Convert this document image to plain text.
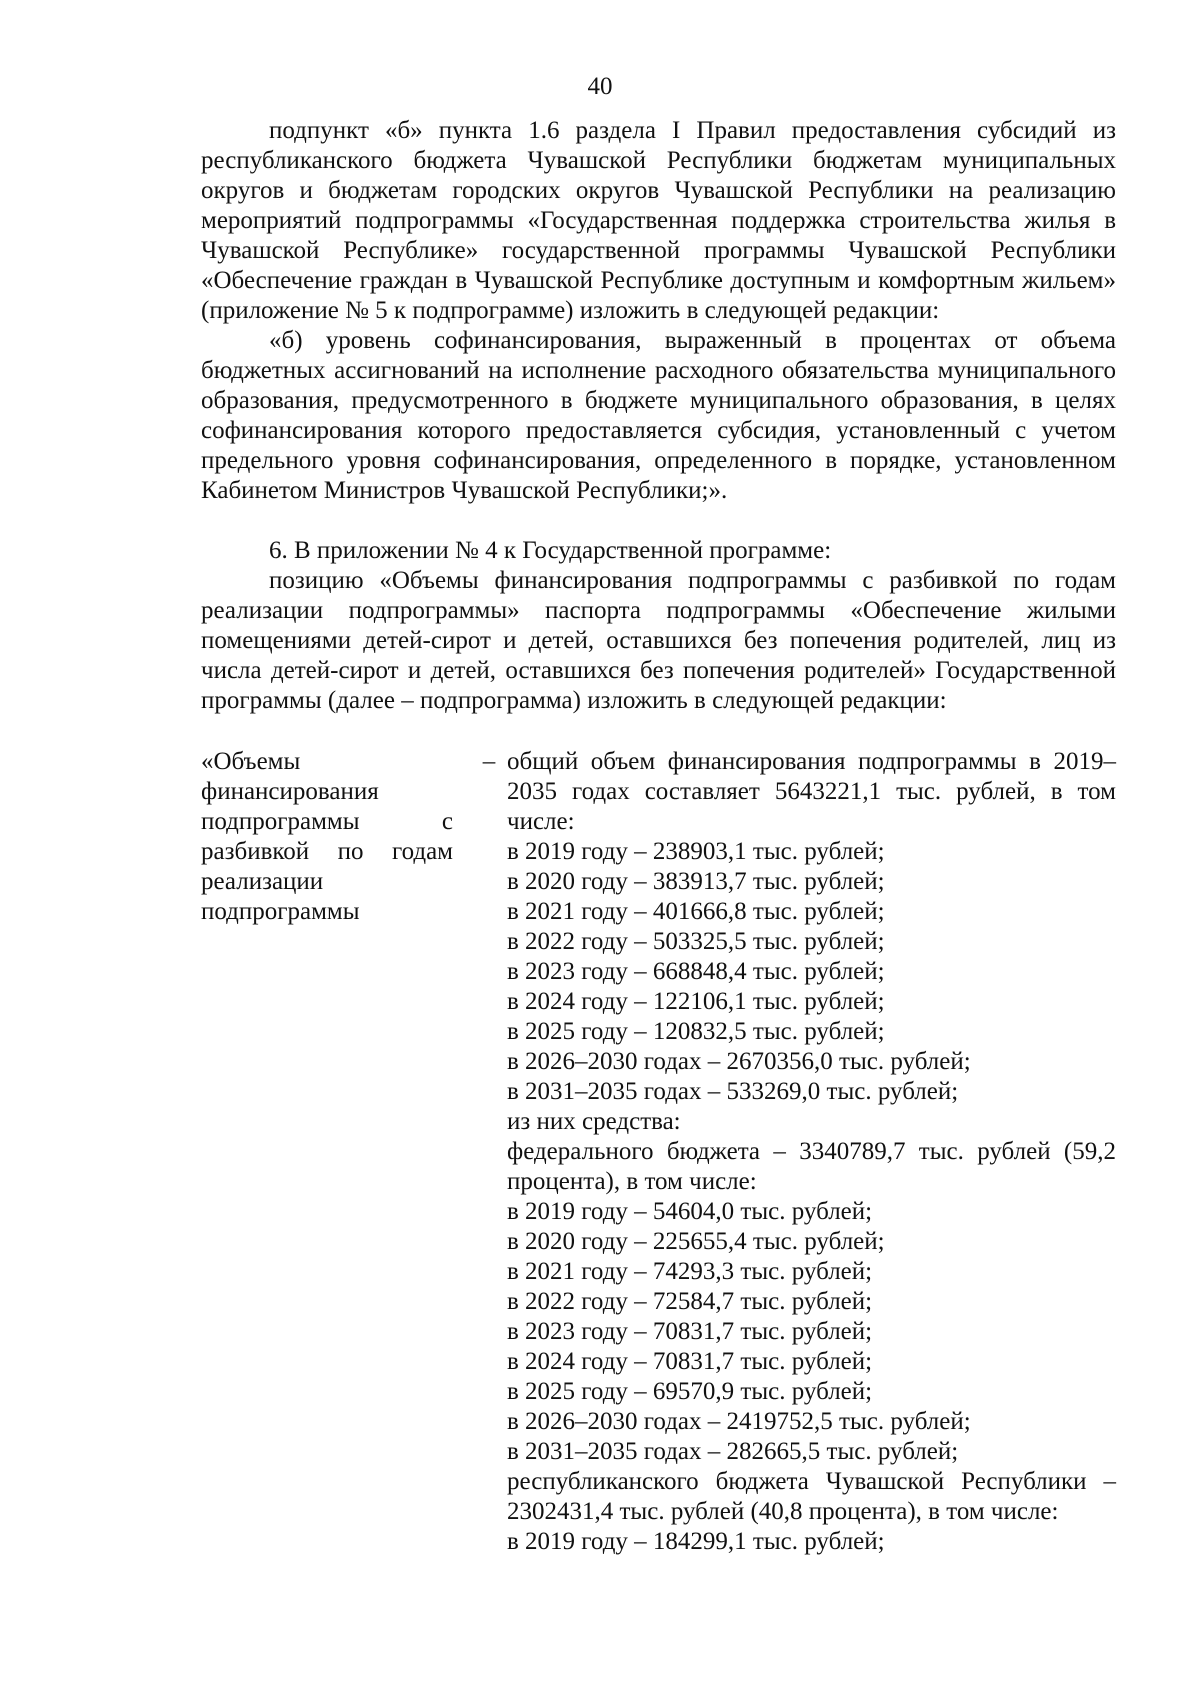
40

подпункт «б» пункта 1.6 раздела I Правил предоставления субсидий из республиканского бюджета Чувашской Республики бюджетам муниципальных округов и бюджетам городских округов Чувашской Республики на реализацию мероприятий подпрограммы «Государственная поддержка строительства жилья в Чувашской Республике» государственной программы Чувашской Республики «Обеспечение граждан в Чувашской Республике доступным и комфортным жильем» (приложение № 5 к подпрограмме) изложить в следующей редакции:

«б) уровень софинансирования, выраженный в процентах от объема бюджетных ассигнований на исполнение расходного обязательства муниципального образования, предусмотренного в бюджете муниципального образования, в целях софинансирования которого предоставляется субсидия, установленный с учетом предельного уровня софинансирования, определенного в порядке, установленном Кабинетом Министров Чувашской Республики;».

6. В приложении № 4 к Государственной программе:

позицию «Объемы финансирования подпрограммы с разбивкой по годам реализации подпрограммы» паспорта подпрограммы «Обеспечение жилыми помещениями детей-сирот и детей, оставшихся без попечения родителей, лиц из числа детей-сирот и детей, оставшихся без попечения родителей» Государственной программы (далее – подпрограмма) изложить в следующей редакции:

«Объемы финансирования подпрограммы с разбивкой по годам реализации подпрограммы
– общий объем финансирования подпрограммы в 2019–2035 годах составляет 5643221,1 тыс. рублей, в том числе:

в 2019 году – 238903,1 тыс. рублей;

в 2020 году – 383913,7 тыс. рублей;

в 2021 году – 401666,8 тыс. рублей;

в 2022 году – 503325,5 тыс. рублей;

в 2023 году – 668848,4 тыс. рублей;

в 2024 году – 122106,1 тыс. рублей;

в 2025 году – 120832,5 тыс. рублей;

в 2026–2030 годах – 2670356,0 тыс. рублей;

в 2031–2035 годах – 533269,0 тыс. рублей;

из них средства:

федерального бюджета – 3340789,7 тыс. рублей (59,2 процента), в том числе:

в 2019 году – 54604,0 тыс. рублей;

в 2020 году – 225655,4 тыс. рублей;

в 2021 году – 74293,3 тыс. рублей;

в 2022 году – 72584,7 тыс. рублей;

в 2023 году – 70831,7 тыс. рублей;

в 2024 году – 70831,7 тыс. рублей;

в 2025 году – 69570,9 тыс. рублей;

в 2026–2030 годах – 2419752,5 тыс. рублей;

в 2031–2035 годах – 282665,5 тыс. рублей;

республиканского бюджета Чувашской Республики – 2302431,4 тыс. рублей (40,8 процента), в том числе:

в 2019 году – 184299,1 тыс. рублей;
